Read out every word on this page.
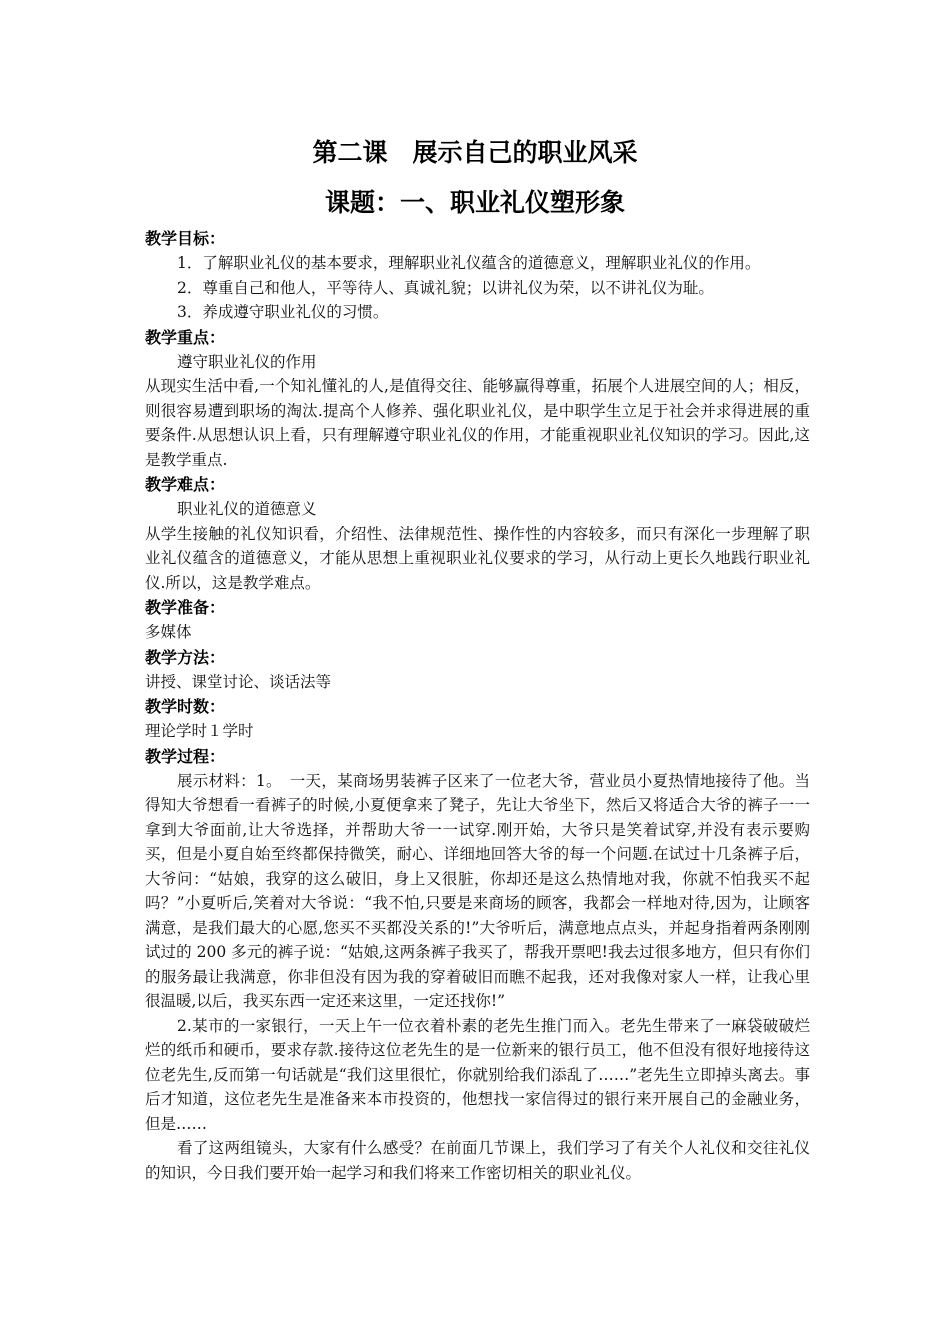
第二课　展示自己的职业风采
课题：一、职业礼仪塑形象
教学目标：
1．了解职业礼仪的基本要求，理解职业礼仪蕴含的道德意义，理解职业礼仪的作用。
2．尊重自己和他人，平等待人、真诚礼貌；以讲礼仪为荣，以不讲礼仪为耻。
3．养成遵守职业礼仪的习惯。
教学重点：
遵守职业礼仪的作用

从现实生活中看,一个知礼懂礼的人,是值得交往、能够赢得尊重，拓展个人进展空间的人；相反，则很容易遭到职场的淘汰.提高个人修养、强化职业礼仪，是中职学生立足于社会并求得进展的重要条件.从思想认识上看，只有理解遵守职业礼仪的作用，才能重视职业礼仪知识的学习。因此,这是教学重点.

教学难点：
职业礼仪的道德意义

从学生接触的礼仪知识看，介绍性、法律规范性、操作性的内容较多，而只有深化一步理解了职业礼仪蕴含的道德意义，才能从思想上重视职业礼仪要求的学习，从行动上更长久地践行职业礼仪.所以，这是教学难点。

教学准备：
多媒体
教学方法：
讲授、课堂讨论、谈话法等
教学时数：
理论学时１学时
教学过程：

展示材料：1。　一天，某商场男装裤子区来了一位老大爷，营业员小夏热情地接待了他。当得知大爷想看一看裤子的时候,小夏便拿来了凳子，先让大爷坐下，然后又将适合大爷的裤子一一拿到大爷面前,让大爷选择，并帮助大爷一一试穿.刚开始，大爷只是笑着试穿,并没有表示要购买，但是小夏自始至终都保持微笑，耐心、详细地回答大爷的每一个问题.在试过十几条裤子后，大爷问：“姑娘，我穿的这么破旧，身上又很脏，你却还是这么热情地对我，你就不怕我买不起吗？”小夏听后,笑着对大爷说：“我不怕,只要是来商场的顾客，我都会一样地对待,因为，让顾客满意，是我们最大的心愿,您买不买都没关系的!”大爷听后，满意地点点头，并起身指着两条刚刚试过的 200 多元的裤子说：“姑娘,这两条裤子我买了，帮我开票吧!我去过很多地方，但只有你们的服务最让我满意，你非但没有因为我的穿着破旧而瞧不起我，还对我像对家人一样，让我心里很温暖,以后，我买东西一定还来这里，一定还找你!”

2.某市的一家银行，一天上午一位衣着朴素的老先生推门而入。老先生带来了一麻袋破破烂烂的纸币和硬币，要求存款.接待这位老先生的是一位新来的银行员工，他不但没有很好地接待这位老先生,反而第一句话就是“我们这里很忙，你就别给我们添乱了……”老先生立即掉头离去。事后才知道，这位老先生是准备来本市投资的，他想找一家信得过的银行来开展自己的金融业务，但是……

看了这两组镜头，大家有什么感受？在前面几节课上，我们学习了有关个人礼仪和交往礼仪的知识，今日我们要开始一起学习和我们将来工作密切相关的职业礼仪。
